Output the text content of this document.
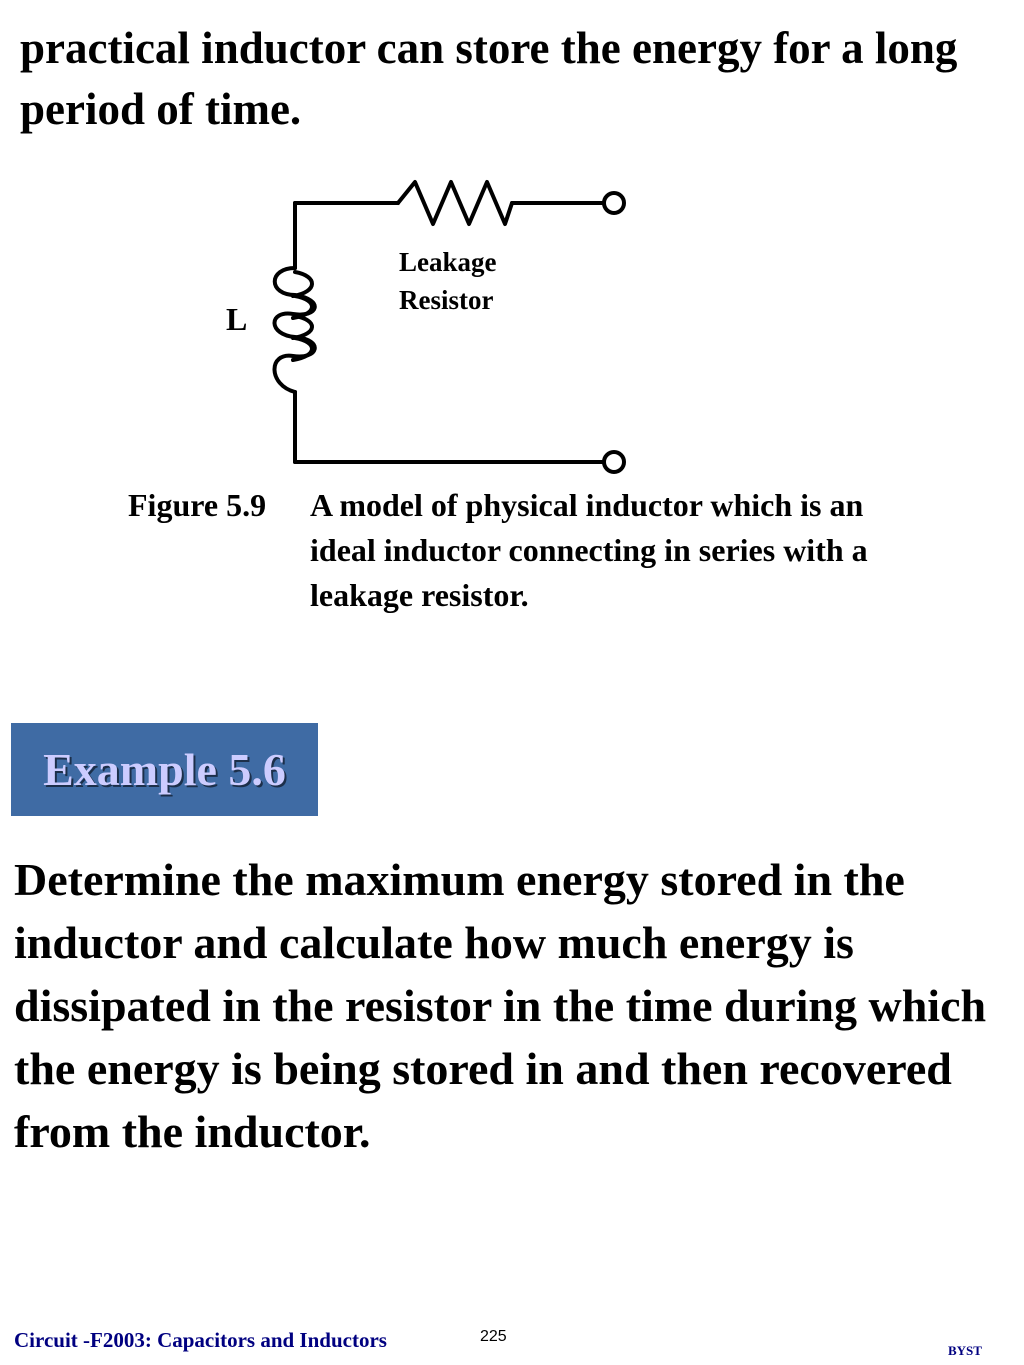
practical inductor can store the energy for a long period of time.

Leakage
Resistor
L

Figure 5.9 A model of physical inductor which is an ideal inductor connecting in series with a leakage resistor.

Example 5.6

Determine the maximum energy stored in the inductor and calculate how much energy is dissipated in the resistor in the time during which the energy is being stored in and then recovered from the inductor.

Circuit -F2003: Capacitors and Inductors	225

BYST
